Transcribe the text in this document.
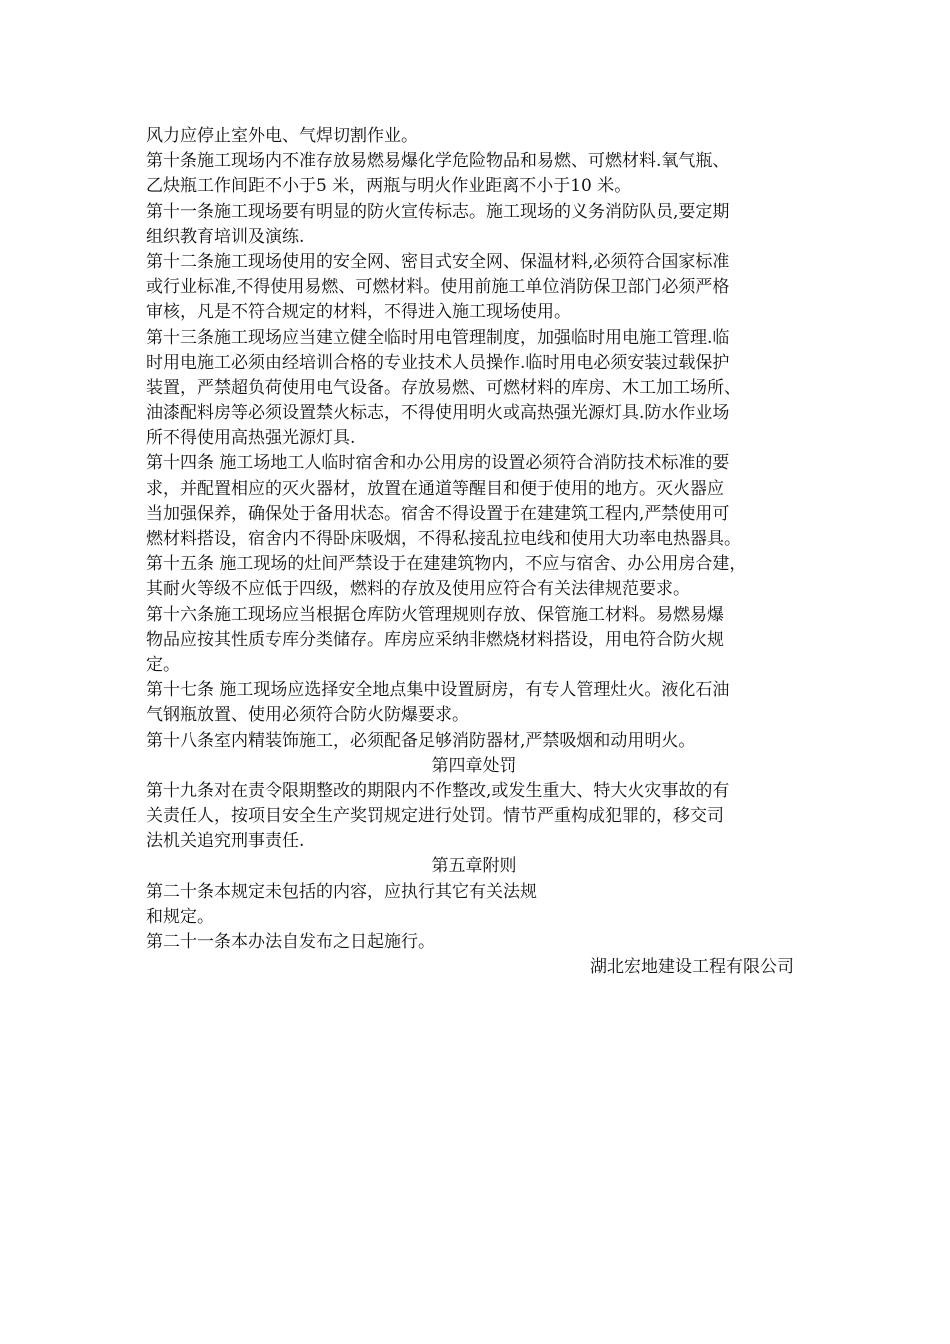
风力应停止室外电、气焊切割作业。
第十条施工现场内不准存放易燃易爆化学危险物品和易燃、可燃材料.氧气瓶、
乙炔瓶工作间距不小于5 米，两瓶与明火作业距离不小于10 米。
第十一条施工现场要有明显的防火宣传标志。施工现场的义务消防队员,要定期
组织教育培训及演练.
第十二条施工现场使用的安全网、密目式安全网、保温材料,必须符合国家标准
或行业标准,不得使用易燃、可燃材料。使用前施工单位消防保卫部门必须严格
审核，凡是不符合规定的材料，不得进入施工现场使用。
第十三条施工现场应当建立健全临时用电管理制度，加强临时用电施工管理.临
时用电施工必须由经培训合格的专业技术人员操作.临时用电必须安装过载保护
装置，严禁超负荷使用电气设备。存放易燃、可燃材料的库房、木工加工场所、
油漆配料房等必须设置禁火标志，不得使用明火或高热强光源灯具.防水作业场
所不得使用高热强光源灯具.
第十四条 施工场地工人临时宿舍和办公用房的设置必须符合消防技术标准的要
求，并配置相应的灭火器材，放置在通道等醒目和便于使用的地方。灭火器应
当加强保养，确保处于备用状态。宿舍不得设置于在建建筑工程内,严禁使用可
燃材料搭设，宿舍内不得卧床吸烟，不得私接乱拉电线和使用大功率电热器具。
第十五条 施工现场的灶间严禁设于在建建筑物内，不应与宿舍、办公用房合建，
其耐火等级不应低于四级，燃料的存放及使用应符合有关法律规范要求。
第十六条施工现场应当根据仓库防火管理规则存放、保管施工材料。易燃易爆
物品应按其性质专库分类储存。库房应采纳非燃烧材料搭设，用电符合防火规
定。
第十七条 施工现场应选择安全地点集中设置厨房，有专人管理灶火。液化石油
气钢瓶放置、使用必须符合防火防爆要求。
第十八条室内精装饰施工，必须配备足够消防器材,严禁吸烟和动用明火。
第四章处罚
第十九条对在责令限期整改的期限内不作整改,或发生重大、特大火灾事故的有
关责任人，按项目安全生产奖罚规定进行处罚。情节严重构成犯罪的，移交司
法机关追究刑事责任.
第五章附则
第二十条本规定未包括的内容，应执行其它有关法规
和规定。
第二十一条本办法自发布之日起施行。
湖北宏地建设工程有限公司
